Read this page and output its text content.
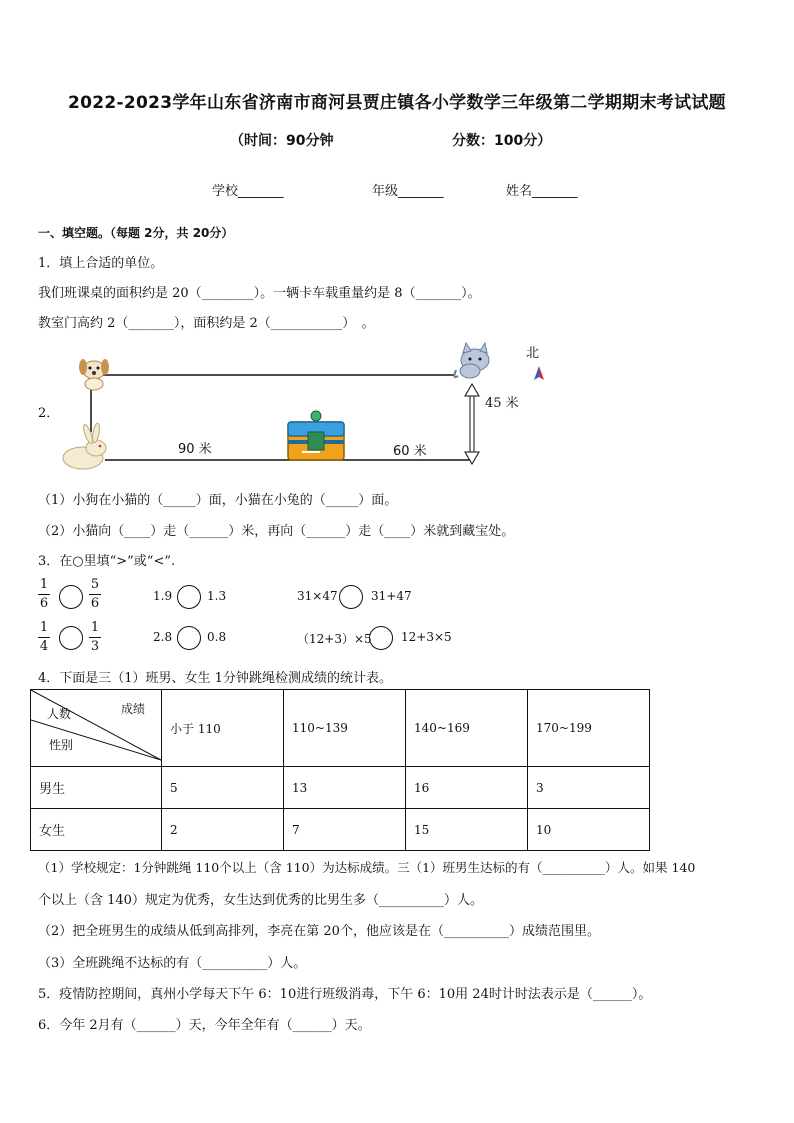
2022-2023学年山东省济南市商河县贾庄镇各小学数学三年级第二学期期末考试试题
（时间：90分钟	分数：100分）
学校_______	年级_______	姓名_______
一、填空题。（每题 2分，共 20分）
1．填上合适的单位。
我们班课桌的面积约是 20（________）。一辆卡车载重量约是 8（_______）。
教室门高约 2（_______），面积约是 2（___________）　。
2．
北
45 米
90 米	60 米
（1）小狗在小猫的（_____）面，小猫在小兔的（_____）面。
（2）小猫向（____）走（______）米，再向（______）走（____）米就到藏宝处。
3．在○里填“>”或“<”.
1
6
5
6	1.9	1.3	31×47	31+47
1
4
1
3
2.8	0.8	（12+3）×5 12+3×5
4．下面是三（1）班男、女生 1分钟跳绳检测成绩的统计表。
成绩
人数
性别	小于 110	110~139	140~169	170~199
男生	5	13	16	3
女生	2	7	15	10
（1）学校规定：1分钟跳绳 110个以上（含 110）为达标成绩。三（1）班男生达标的有（__________）人。如果 140
个以上（含 140）规定为优秀，女生达到优秀的比男生多（__________）人。
（2）把全班男生的成绩从低到高排列，李亮在第 20个，他应该是在（__________）成绩范围里。
（3）全班跳绳不达标的有（__________）人。
5．疫情防控期间，真州小学每天下午 6：10进行班级消毒，下午 6：10用 24时计时法表示是（______）。
6．今年 2月有（______）天，今年全年有（______）天。
